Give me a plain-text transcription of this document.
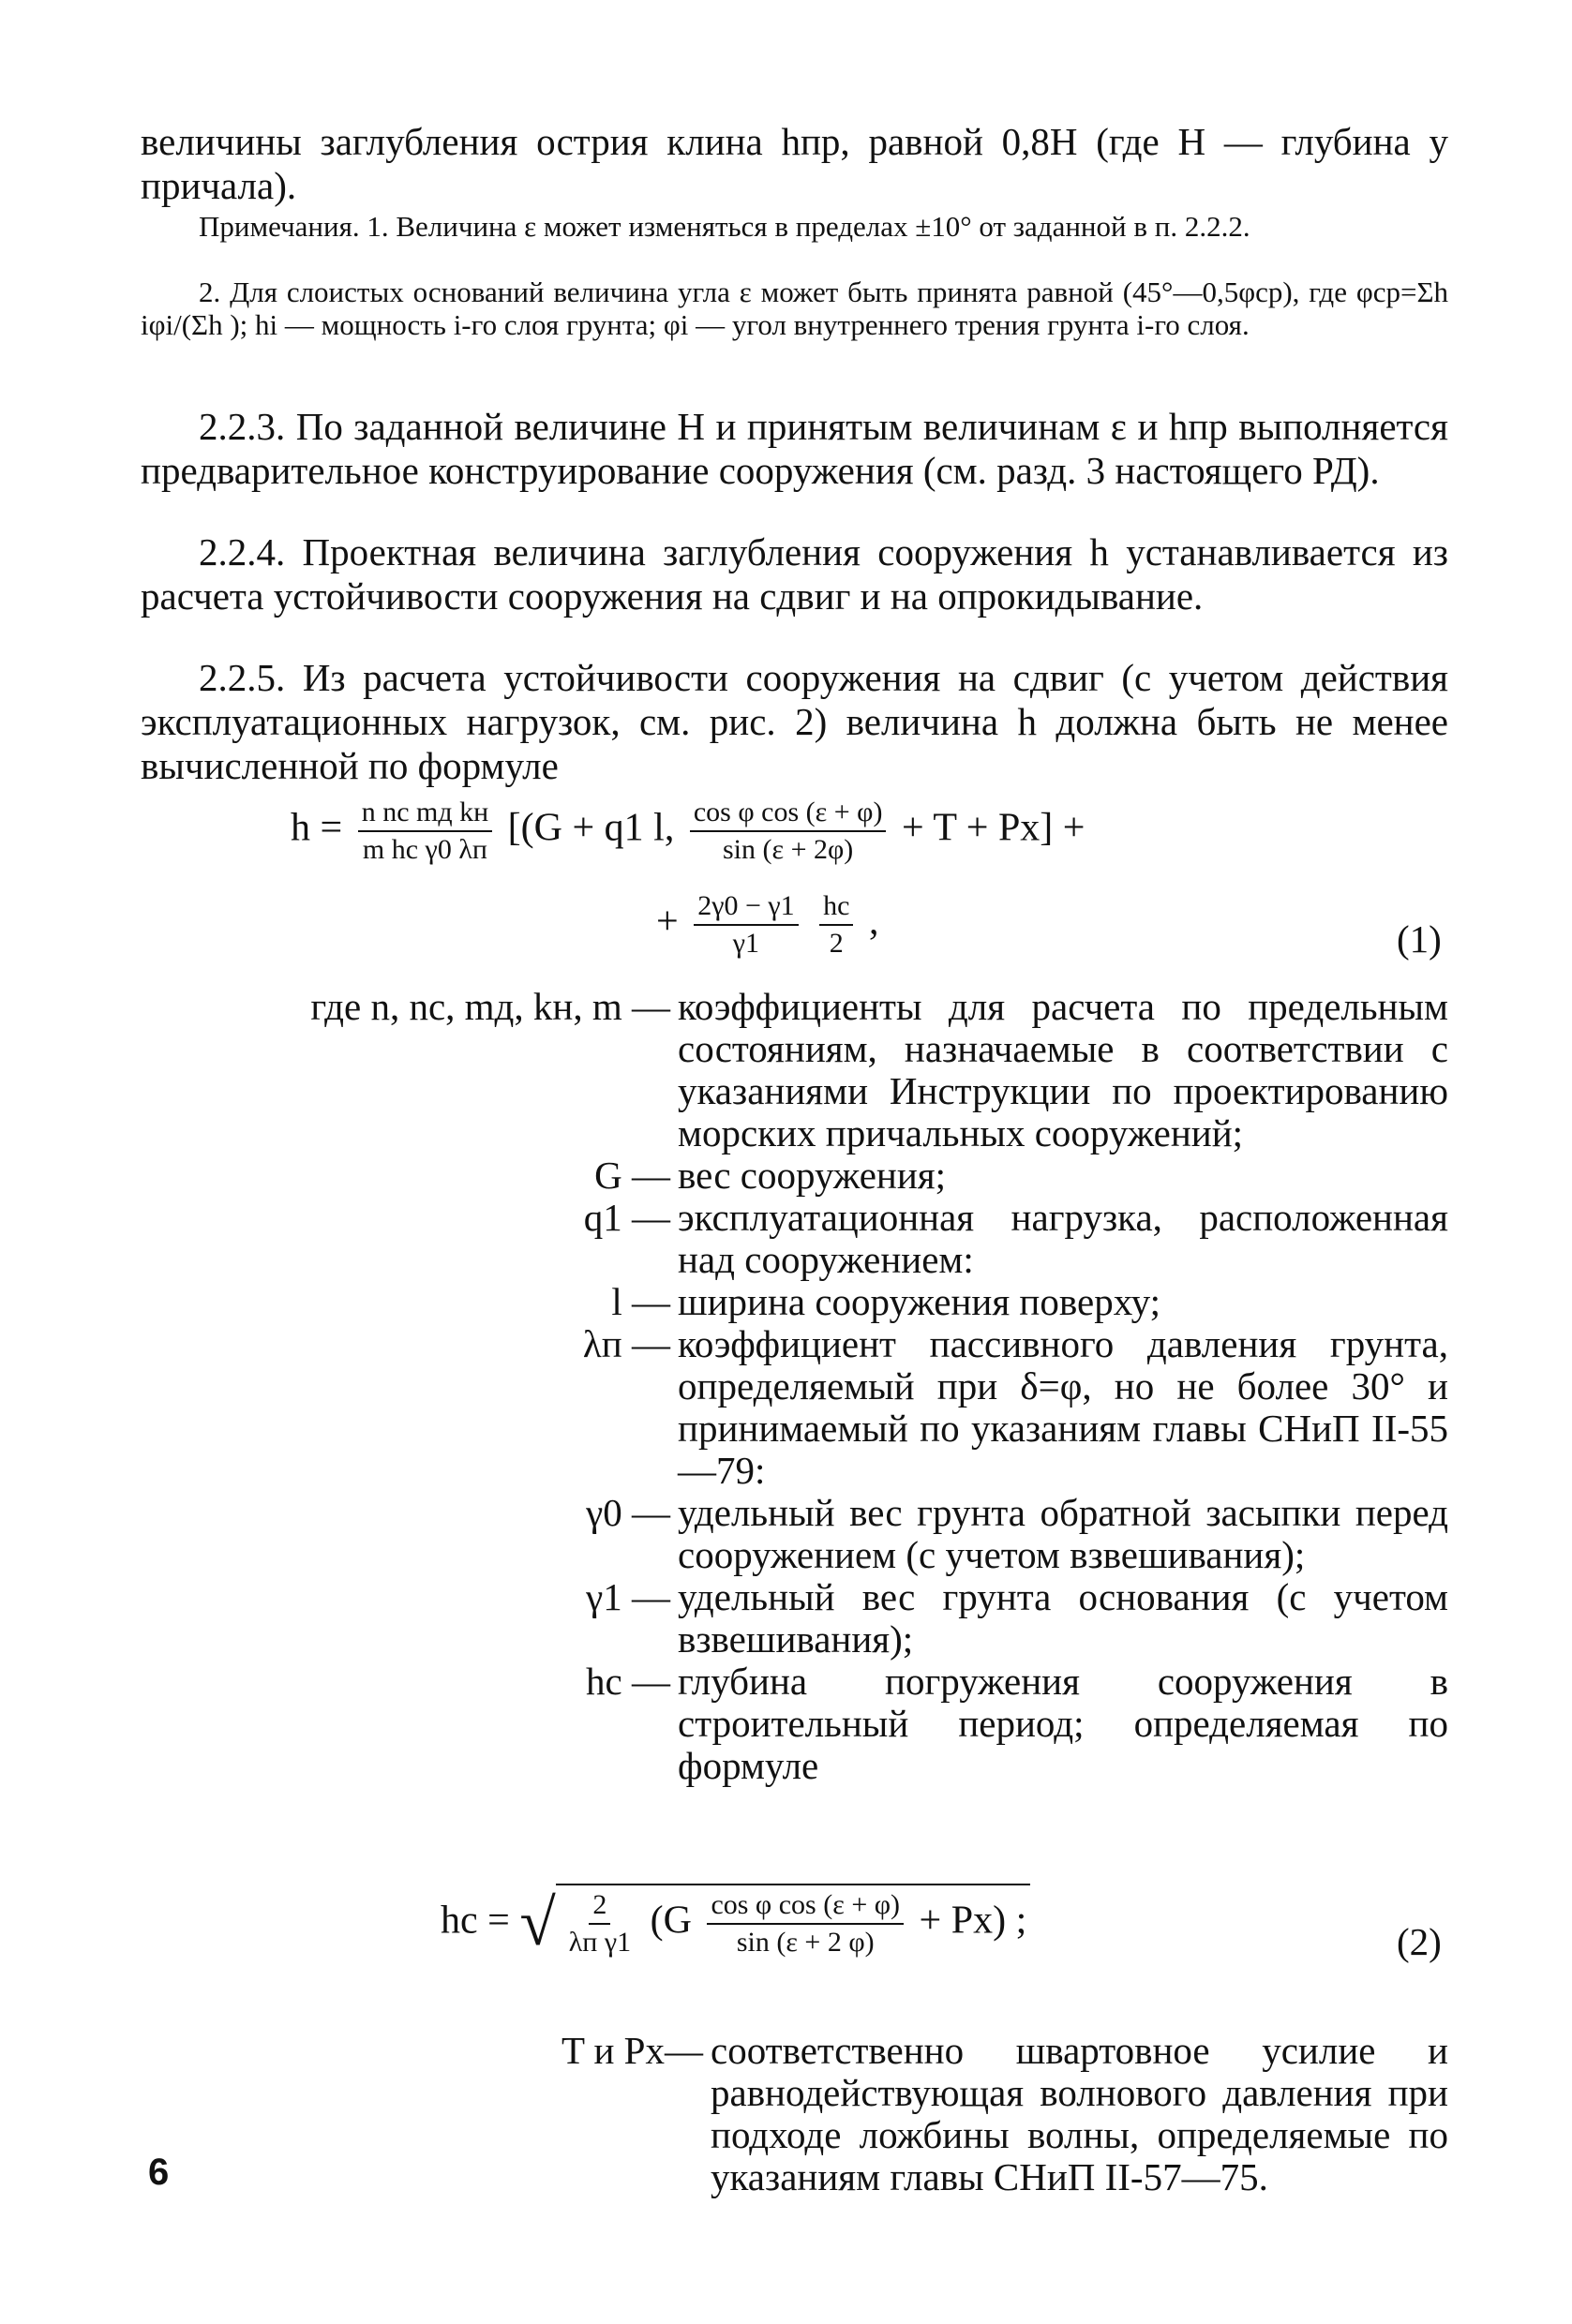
величины заглубления острия клина hпр, равной 0,8H (где H — глубина у причала).

Примечания. 1. Величина ε может изменяться в пределах ±10° от заданной в п. 2.2.2.

2. Для слоистых оснований величина угла ε может быть принята равной (45°—0,5φср), где φср=Σh iφi/(Σh ); hi — мощность i-го слоя грунта; φi — угол внутреннего трения грунта i-го слоя.

2.2.3. По заданной величине H и принятым величинам ε и hпр выполняется предварительное конструирование сооружения (см. разд. 3 настоящего РД).

2.2.4. Проектная величина заглубления сооружения h устанавливается из расчета устойчивости сооружения на сдвиг и на опрокидывание.

2.2.5. Из расчета устойчивости сооружения на сдвиг (с учетом действия эксплуатационных нагрузок, см. рис. 2) величина h должна быть не менее вычисленной по формуле

$h = \frac{\text{n nс mд kн}}{\text{m hс γ0 λп}} [(G + q1$ l, $\frac{\text{cos φ cos (ε + φ)}}{\sin (\varepsilon + 2\varphi)} + T + Px$] +
+ $\frac{2\gamma 0 - \gamma 1}{\gamma 1}$
$\frac{hc}{2}$ ,	(1)
где n, nс, mд, kн, m — коэффициенты для расчета по предельным состояниям, назначаемые в соответствии с указаниями Инструкции по проектированию морских причальных сооружений;
G — вес сооружения;
q1 — эксплуатационная нагрузка, расположенная над сооружением:
l — ширина сооружения поверху;
λп — коэффициент пассивного давления грунта, определяемый при δ=φ, но не более 30° и принимаемый по указаниям главы СНиП II-55—79:
γ0 — удельный вес грунта обратной засыпки перед сооружением (с учетом взвешивания);
γ1 — удельный вес грунта основания (с учетом взвешивания);
hc — глубина погружения сооружения в строительный период; определяемая по формуле
hc = √ $\frac{2}{\text{λп γ1}} (G \frac{\text{cos φ cos (ε + φ)}}{\sin (\varepsilon + 2 \varphi)} + Px)$ ;	(2)
T и Px— соответственно швартовное усилие и равнодействующая волнового давления при подходе ложбины волны, определяемые по указаниям главы СНиП II-57—75.
6
